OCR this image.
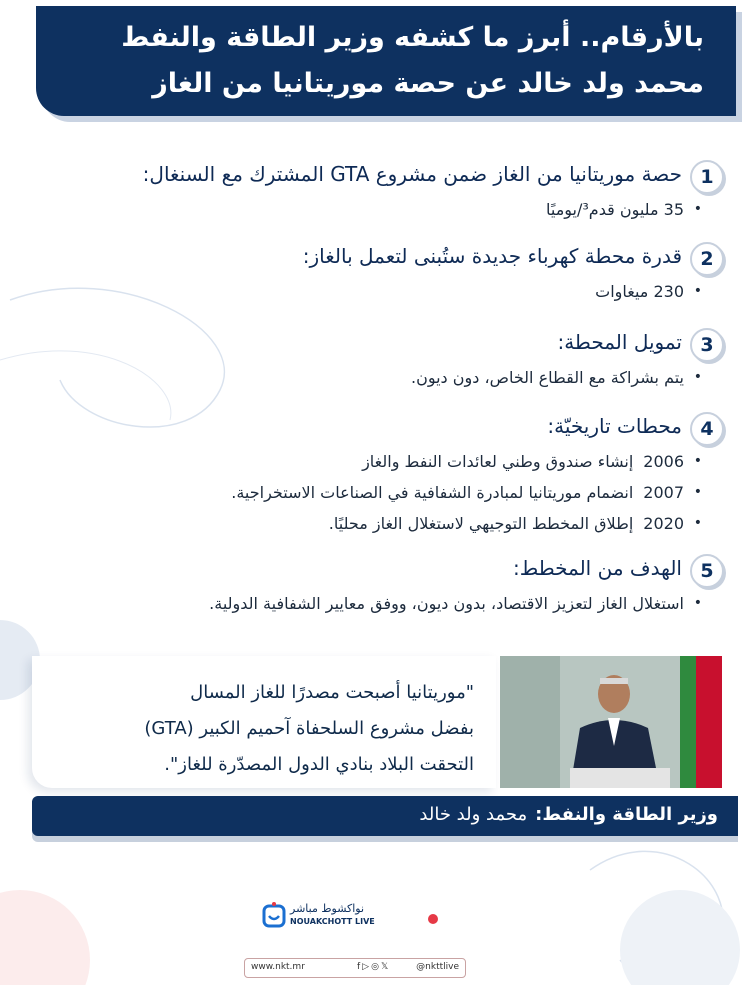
بالأرقام.. أبرز ما كشفه وزير الطاقة والنفط
محمد ولد خالد عن حصة موريتانيا من الغاز
1
حصة موريتانيا من الغاز ضمن مشروع GTA المشترك مع السنغال:
• 35 مليون قدم³/يوميًا
2
قدرة محطة كهرباء جديدة ستُبنى لتعمل بالغاز:
• 230 ميغاوات
3
تمويل المحطة:
• يتم بشراكة مع القطاع الخاص، دون ديون.
4
محطات تاريخيّة:
• 2006إنشاء صندوق وطني لعائدات النفط والغاز
• 2007انضمام موريتانيا لمبادرة الشفافية في الصناعات الاستخراجية.
• 2020إطلاق المخطط التوجيهي لاستغلال الغاز محليًا.
5
الهدف من المخطط:
• استغلال الغاز لتعزيز الاقتصاد، بدون ديون، ووفق معايير الشفافية الدولية.
"موريتانيا أصبحت مصدرًا للغاز المسال
بفضل مشروع السلحفاة آحميم الكبير (GTA)
التحقت البلاد بنادي الدول المصدّرة للغاز".
وزير الطاقة والنفط:محمد ولد خالد
نواكشوط مباشر
NOUAKCHOTT LIVE
www.nkt.mr	f▷◎𝕏	@nkttlive
